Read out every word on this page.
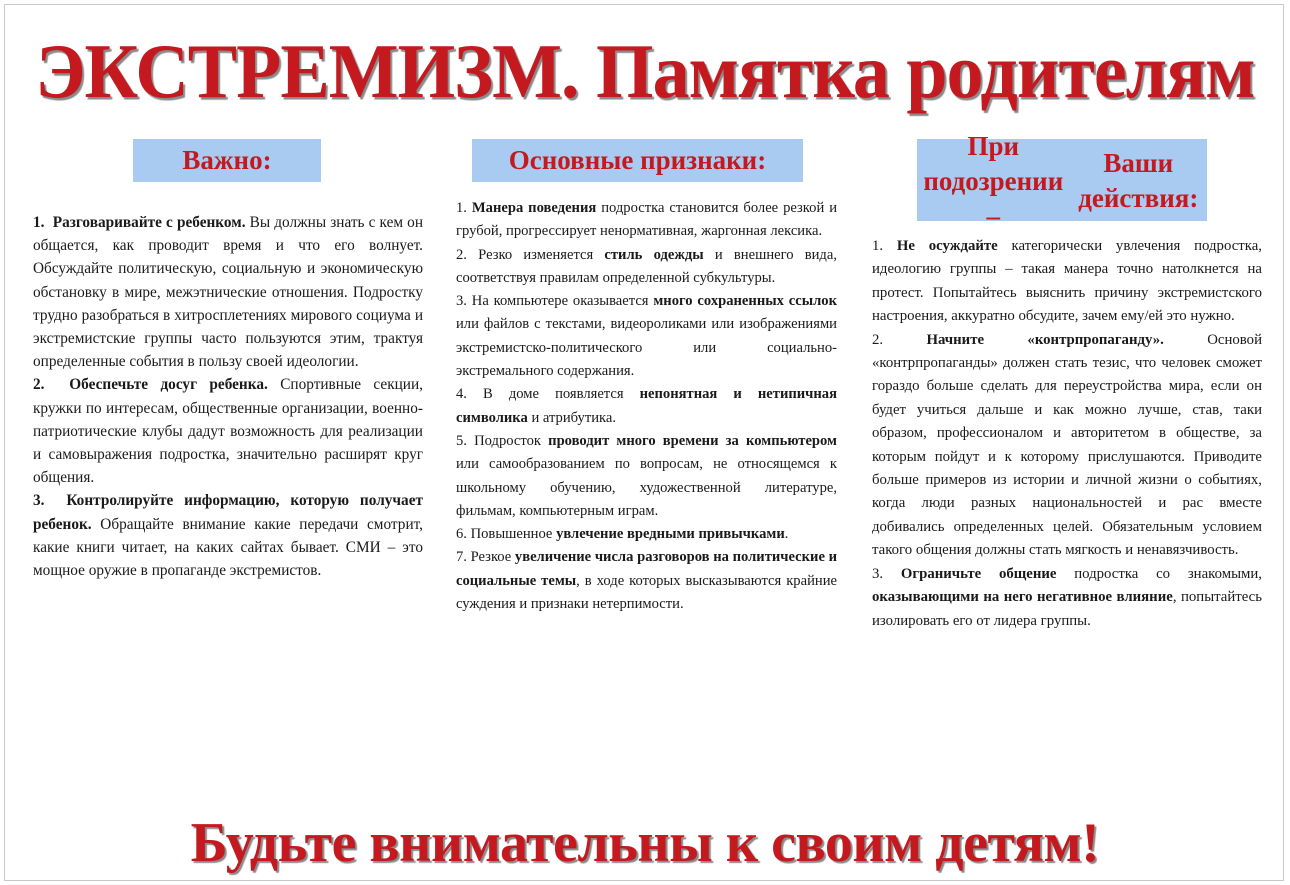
ЭКСТРЕМИЗМ. Памятка родителям
Важно:

1. Разговаривайте с ребенком. Вы должны знать с кем он общается, как проводит время и что его волнует. Обсуждайте политическую, социальную и экономическую обстановку в мире, межэтнические отношения. Подростку трудно разобраться в хитросплетениях мирового социума и экстремистские группы часто пользуются этим, трактуя определенные события в пользу своей идеологии.

2. Обеспечьте досуг ребенка. Спортивные секции, кружки по интересам, общественные организации, военно-патриотические клубы дадут возможность для реализации и самовыражения подростка, значительно расширят круг общения.

3. Контролируйте информацию, которую получает ребенок. Обращайте внимание какие передачи смотрит, какие книги читает, на каких сайтах бывает. СМИ – это мощное оружие в пропаганде экстремистов.

Основные признаки:

1. Манера поведения подростка становится более резкой и грубой, прогрессирует ненормативная, жаргонная лексика.

2. Резко изменяется стиль одежды и внешнего вида, соответствуя правилам определенной субкультуры.

3. На компьютере оказывается много сохраненных ссылок или файлов с текстами, видеороликами или изображениями экстремистско-политического или социально-экстремального содержания.

4. В доме появляется непонятная и нетипичная символика и атрибутика.

5. Подросток проводит много времени за компьютером или самообразованием по вопросам, не относящемся к школьному обучению, художественной литературе, фильмам, компьютерным играм.

6. Повышенное увлечение вредными привычками.

7. Резкое увеличение числа разговоров на политические и социальные темы, в ходе которых высказываются крайние суждения и признаки нетерпимости.

При подозрении –
Ваши действия:

1. Не осуждайте категорически увлечения подростка, идеологию группы – такая манера точно натолкнется на протест. Попытайтесь выяснить причину экстремистского настроения, аккуратно обсудите, зачем ему/ей это нужно.

2. Начните «контрпропаганду». Основой «контрпропаганды» должен стать тезис, что человек сможет гораздо больше сделать для переустройства мира, если он будет учиться дальше и как можно лучше, став, таки образом, профессионалом и авторитетом в обществе, за которым пойдут и к которому прислушаются. Приводите больше примеров из истории и личной жизни о событиях, когда люди разных национальностей и рас вместе добивались определенных целей. Обязательным условием такого общения должны стать мягкость и ненавязчивость.

3. Ограничьте общение подростка со знакомыми, оказывающими на него негативное влияние, попытайтесь изолировать его от лидера группы.

Будьте внимательны к своим детям!
